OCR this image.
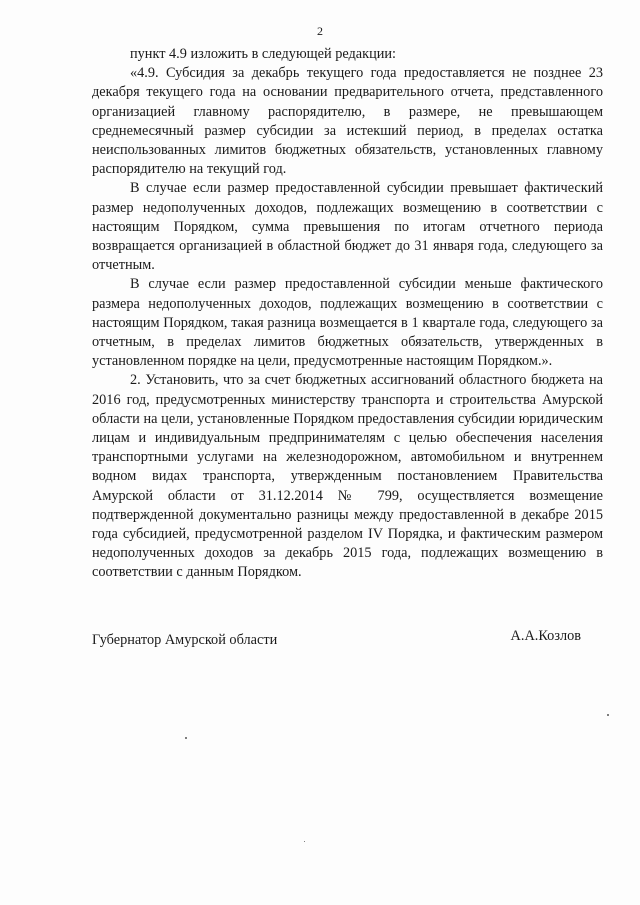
2

пункт 4.9 изложить в следующей редакции:

«4.9. Субсидия за декабрь текущего года предоставляется не позднее 23 декабря текущего года на основании предварительного отчета, представленного организацией главному распорядителю, в размере, не превышающем среднемесячный размер субсидии за истекший период, в пределах остатка неиспользованных лимитов бюджетных обязательств, установленных главному распорядителю на текущий год.

В случае если размер предоставленной субсидии превышает фактический размер недополученных доходов, подлежащих возмещению в соответствии с настоящим Порядком, сумма превышения по итогам отчетного периода возвращается организацией в областной бюджет до 31 января года, следующего за отчетным.

В случае если размер предоставленной субсидии меньше фактического размера недополученных доходов, подлежащих возмещению в соответствии с настоящим Порядком, такая разница возмещается в 1 квартале года, следующего за отчетным, в пределах лимитов бюджетных обязательств, утвержденных в установленном порядке на цели, предусмотренные настоящим Порядком.».

2. Установить, что за счет бюджетных ассигнований областного бюджета на 2016 год, предусмотренных министерству транспорта и строительства Амурской области на цели, установленные Порядком предоставления субсидии юридическим лицам и индивидуальным предпринимателям с целью обеспечения населения транспортными услугами на железнодорожном, автомобильном и внутреннем водном видах транспорта, утвержденным постановлением Правительства Амурской области от 31.12.2014 № 799, осуществляется возмещение подтвержденной документально разницы между предоставленной в декабре 2015 года субсидией, предусмотренной разделом IV Порядка, и фактическим размером недополученных доходов за декабрь 2015 года, подлежащих возмещению в соответствии с данным Порядком.

Губернатор Амурской области	А.А.Козлов
